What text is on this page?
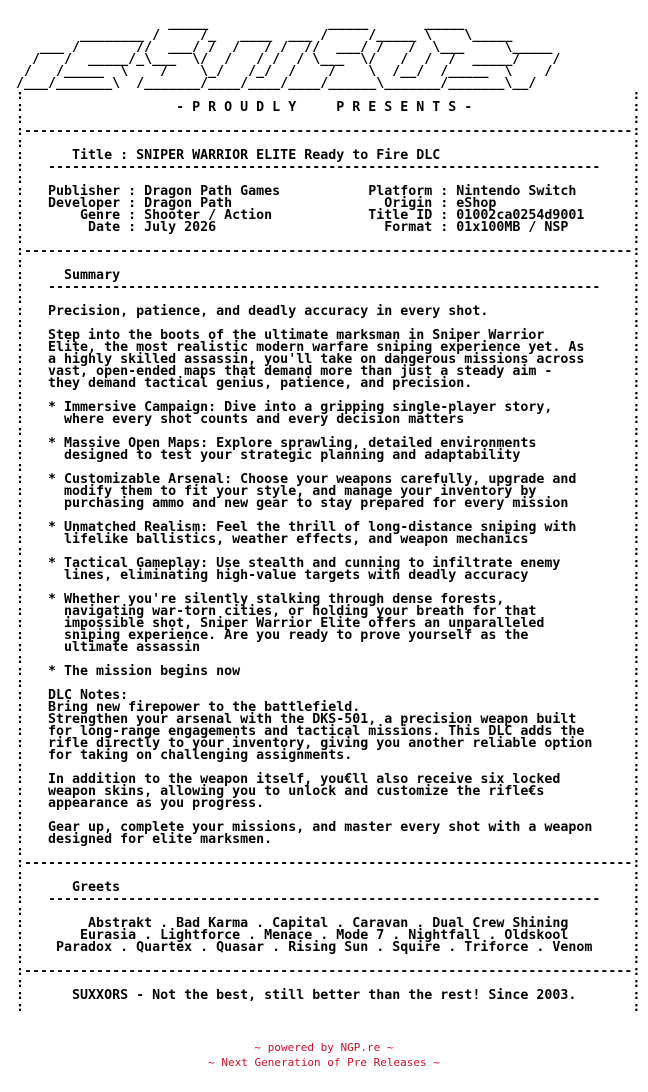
_____               _____       _____
________ /     /_   ____  ___ /     /_____ \    \_____
___ /       //  ___/ /  /   / /  //  ___/ /   /  \___     \_____
/   /  _____/_\___  \/  /   / /  / \___  \/   /  /  /  _____/    /
/   /_____  \    /    \_/   /_/  /    /    \  /__/  /_____  \    /
/___/_______\  /_______/____/____/____/______\_______/_______\__/
:                                                                            :
:                   - P R O U D L Y     P R E S E N T S -                    :
:                                                                            :
:----------------------------------------------------------------------------:
:                                                                            :
:      Title : SNIPER WARRIOR ELITE Ready to Fire DLC                        :
:   ---------------------------------------------------------------------    :
:                                                                            :
:   Publisher : Dragon Path Games           Platform : Nintendo Switch       :
:   Developer : Dragon Path                   Origin : eShop                 :
:       Genre : Shooter / Action            Title ID : 01002ca0254d9001      :
:        Date : July 2026                     Format : 01x100MB / NSP        :
:                                                                            :
:----------------------------------------------------------------------------:
:                                                                            :
:     Summary                                                                :
:   ---------------------------------------------------------------------    :
:                                                                            :
:   Precision, patience, and deadly accuracy in every shot.                  :
:                                                                            :
:   Step into the boots of the ultimate marksman in Sniper Warrior           :
:   Elite, the most realistic modern warfare sniping experience yet. As      :
:   a highly skilled assassin, you'll take on dangerous missions across      :
:   vast, open-ended maps that demand more than just a steady aim -          :
:   they demand tactical genius, patience, and precision.                    :
:                                                                            :
:   * Immersive Campaign: Dive into a gripping single-player story,          :
:     where every shot counts and every decision matters                     :
:                                                                            :
:   * Massive Open Maps: Explore sprawling, detailed environments            :
:     designed to test your strategic planning and adaptability              :
:                                                                            :
:   * Customizable Arsenal: Choose your weapons carefully, upgrade and       :
:     modify them to fit your style, and manage your inventory by            :
:     purchasing ammo and new gear to stay prepared for every mission        :
:                                                                            :
:   * Unmatched Realism: Feel the thrill of long-distance sniping with       :
:     lifelike ballistics, weather effects, and weapon mechanics             :
:                                                                            :
:   * Tactical Gameplay: Use stealth and cunning to infiltrate enemy         :
:     lines, eliminating high-value targets with deadly accuracy             :
:                                                                            :
:   * Whether you're silently stalking through dense forests,                :
:     navigating war-torn cities, or holding your breath for that            :
:     impossible shot, Sniper Warrior Elite offers an unparalleled           :
:     sniping experience. Are you ready to prove yourself as the             :
:     ultimate assassin                                                      :
:                                                                            :
:   * The mission begins now                                                 :
:                                                                            :
:   DLC Notes:                                                               :
:   Bring new firepower to the battlefield.                                  :
:   Strengthen your arsenal with the DKS-501, a precision weapon built       :
:   for long-range engagements and tactical missions. This DLC adds the      :
:   rifle directly to your inventory, giving you another reliable option     :
:   for taking on challenging assignments.                                   :
:                                                                            :
:   In addition to the weapon itself, you€ll also receive six locked         :
:   weapon skins, allowing you to unlock and customize the rifle€s           :
:   appearance as you progress.                                              :
:                                                                            :
:   Gear up, complete your missions, and master every shot with a weapon     :
:   designed for elite marksmen.                                             :
:                                                                            :
:----------------------------------------------------------------------------:
:                                                                            :
:      Greets                                                                :
:   ---------------------------------------------------------------------    :
:                                                                            :
:        Abstrakt . Bad Karma . Capital . Caravan . Dual Crew Shining        :
:       Eurasia . Lightforce . Menace . Mode 7 . Nightfall . Oldskool        :
:    Paradox . Quartex . Quasar . Rising Sun . Squire . Triforce . Venom     :
:                                                                            :
:----------------------------------------------------------------------------:
:                                                                            :
:      SUXXORS - Not the best, still better than the rest! Since 2003.       :
:                                                                            :

~ powered by NGP.re ~
~ Next Generation of Pre Releases ~
